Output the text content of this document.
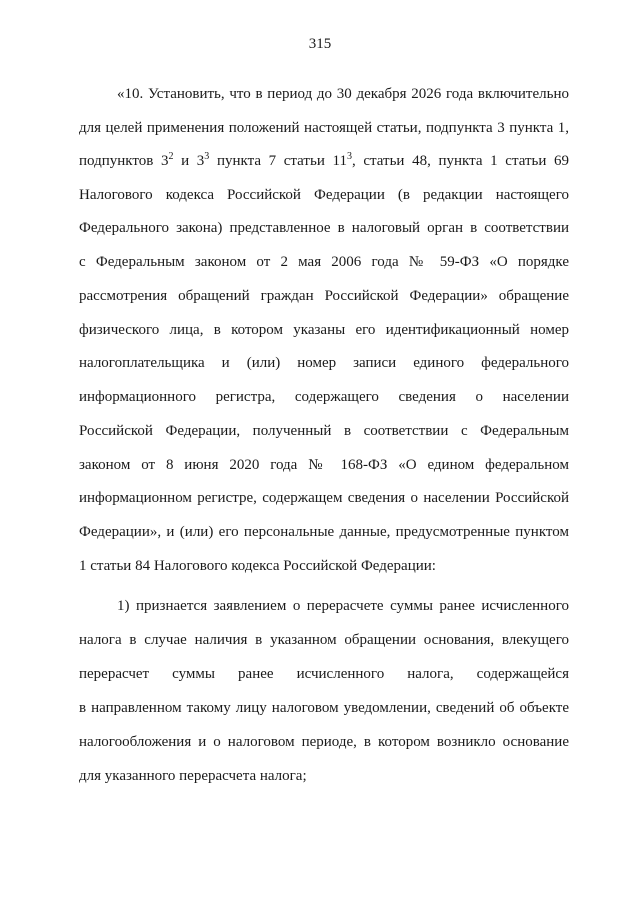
315
«10. Установить, что в период до 30 декабря 2026 года включительно
для целей применения положений настоящей статьи, подпункта 3 пункта 1,
подпунктов $3^2$ и $3^3$ пункта 7 статьи $11^3$, статьи 48, пункта 1 статьи 69
Налогового кодекса Российской Федерации (в редакции настоящего
Федерального закона) представленное в налоговый орган в соответствии
с Федеральным законом от 2 мая 2006 года № 59-ФЗ «О порядке
рассмотрения обращений граждан Российской Федерации» обращение
физического лица, в котором указаны его идентификационный номер
налогоплательщика и (или) номер записи единого федерального
информационного регистра, содержащего сведения о населении
Российской Федерации, полученный в соответствии с Федеральным
законом от 8 июня 2020 года № 168-ФЗ «О едином федеральном
информационном регистре, содержащем сведения о населении Российской
Федерации», и (или) его персональные данные, предусмотренные пунктом
1 статьи 84 Налогового кодекса Российской Федерации:
1) признается заявлением о перерасчете суммы ранее исчисленного
налога в случае наличия в указанном обращении основания, влекущего
перерасчет суммы ранее исчисленного налога, содержащейся
в направленном такому лицу налоговом уведомлении, сведений об объекте
налогообложения и о налоговом периоде, в котором возникло основание
для указанного перерасчета налога;
